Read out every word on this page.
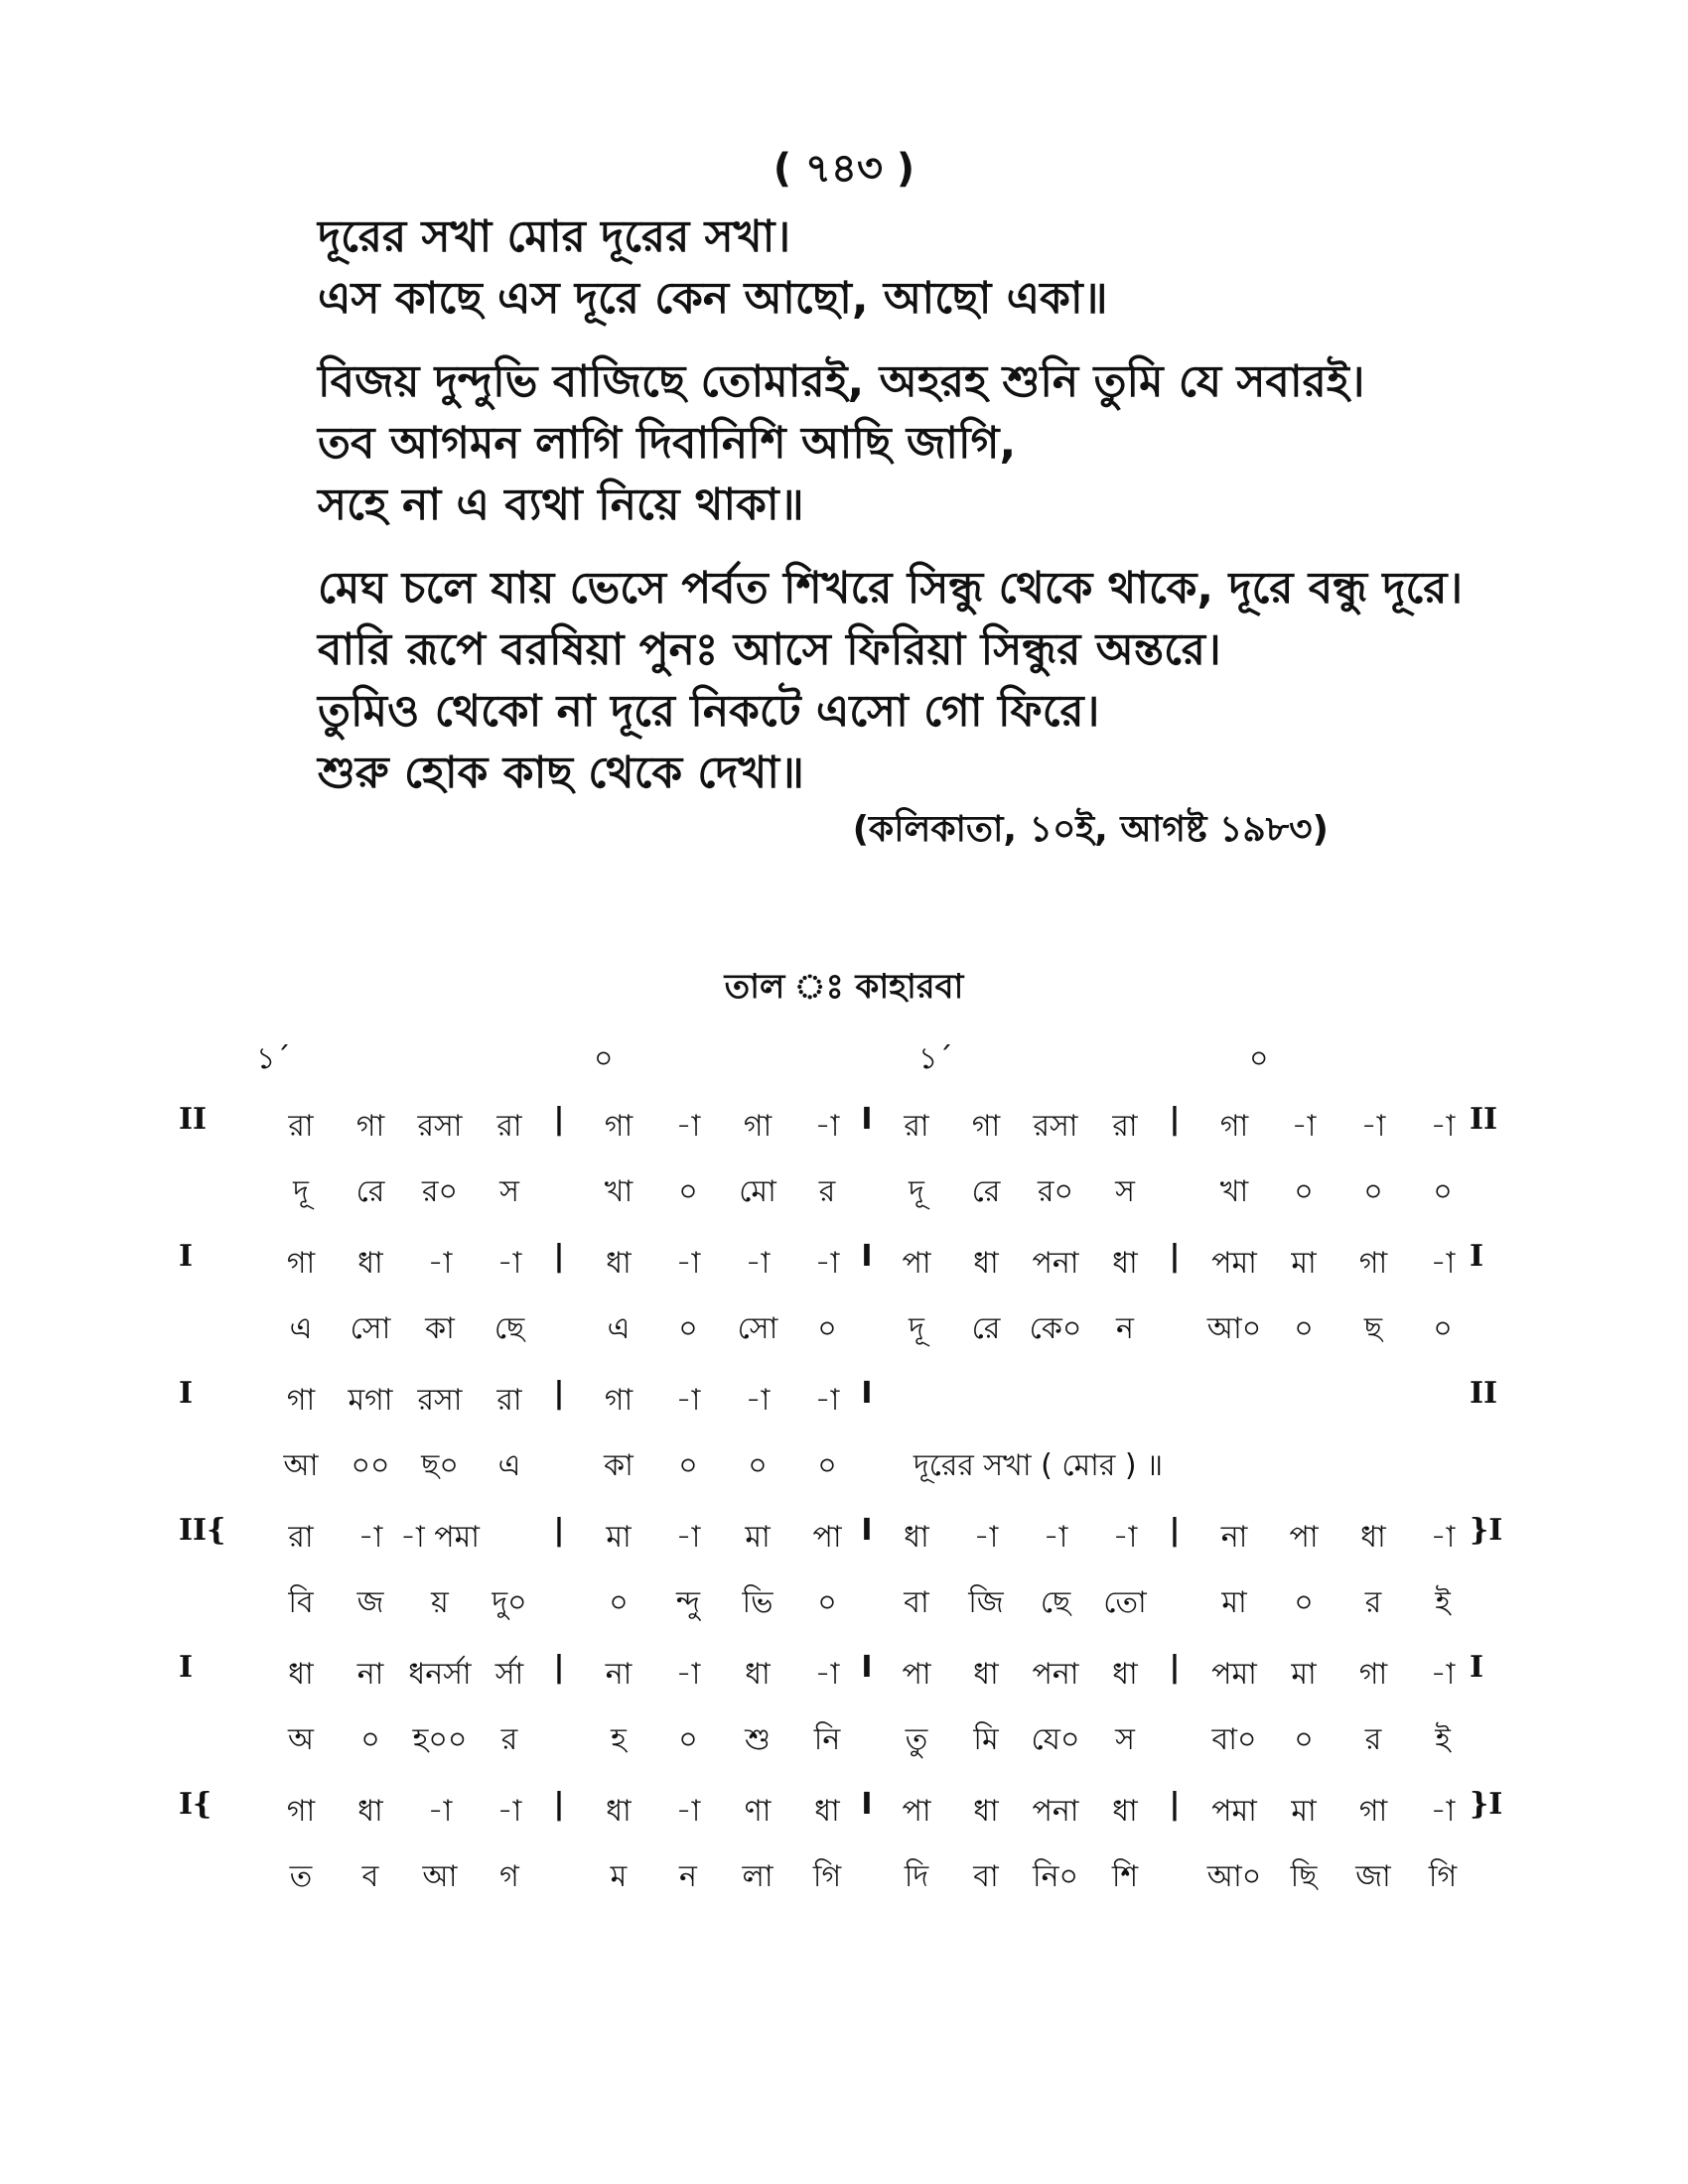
( ৭৪৩ )
দূরের সখা মোর দূরের সখা।
এস কাছে এস দূরে কেন আছো, আছো একা॥
বিজয় দুন্দুভি বাজিছে তোমারই, অহরহ শুনি তুমি যে সবারই।
তব আগমন লাগি দিবানিশি আছি জাগি,
সহে না এ ব্যথা নিয়ে থাকা॥
মেঘ চলে যায় ভেসে পর্বত শিখরে সিন্ধু থেকে থাকে, দূরে বন্ধু দূরে।
বারি রূপে বরষিয়া পুনঃ আসে ফিরিয়া সিন্ধুর অন্তরে।
তুমিও থেকো না দূরে নিকটে এসো গো ফিরে।
শুরু হোক কাছ থেকে দেখা॥
(কলিকাতা, ১০ই, আগষ্ট ১৯৮৩)
তাল ঃ কাহারবা
১´	০	১´	০
II	রা	গা	রসা	রা	|	গা	-া	গা	-া I	রা	গা	রসা	রা	|	গা	-া	-া	-া II
দূ	রে	র০	স	খা	০	মো	র	দূ	রে	র০	স	খা	০	০	০
I	গা	ধা	-া	-া	|	ধা	-া	-া	-া I পা	ধা	পনা	ধা	|	পমা	মা	গা	-া I
এ	সো	কা	ছে	এ	০	সো	০	দূ	রে কে০	ন	আ০	০	ছ	০
I	গা	মগা রসা	রা	|	গা	-া	-া	-া I	II
আ	০০	ছ০	এ	কা	০	০	০	দূরের সখা ( মোর ) ॥
II{	রা	-া -া পমা	|	মা	-া	মা	পা I	ধা	-া	-া	-া	|	না	পা	ধা	-া }I
বি	জ	য়	দু০	০	ন্দু	ভি	০	বা	জি	ছে	তো	মা	০	র	ই
I	ধা	না ধনর্সা র্সা	|	না	-া	ধা	-া I পা	ধা	পনা	ধা	|	পমা	মা	গা	-া I
অ	০	হ০০	র	হ	০	শু	নি	তু	মি	যে০	স	বা০	০	র	ই
I{	গা	ধা	-া	-া	|	ধা	-া	ণা	ধা I পা	ধা	পনা	ধা	|	পমা	মা	গা	-া }I
ত	ব	আ	গ	ম	ন	লা	গি	দি	বা	নি০	শি	আ০ ছি	জা	গি
